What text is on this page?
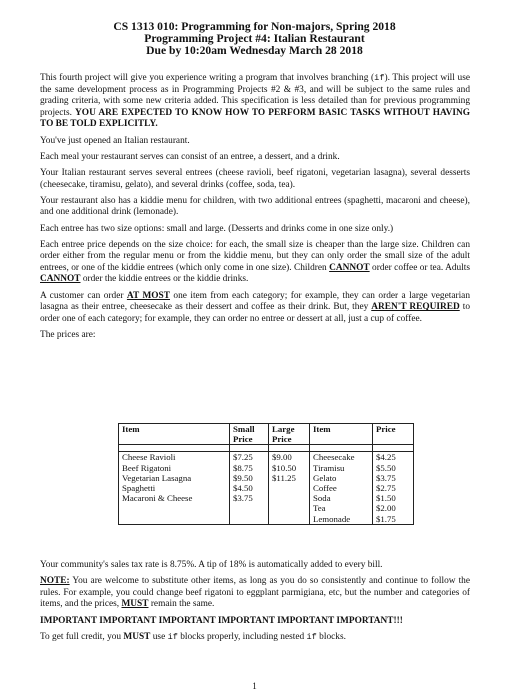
CS 1313 010: Programming for Non-majors, Spring 2018
Programming Project #4: Italian Restaurant
Due by 10:20am Wednesday March 28 2018

This fourth project will give you experience writing a program that involves branching (if). This project will use the same development process as in Programming Projects #2 & #3, and will be subject to the same rules and grading criteria, with some new criteria added. This specification is less detailed than for previous programming projects. YOU ARE EXPECTED TO KNOW HOW TO PERFORM BASIC TASKS WITHOUT HAVING TO BE TOLD EXPLICITLY.

You've just opened an Italian restaurant.

Each meal your restaurant serves can consist of an entree, a dessert, and a drink.

Your Italian restaurant serves several entrees (cheese ravioli, beef rigatoni, vegetarian lasagna), several desserts (cheesecake, tiramisu, gelato), and several drinks (coffee, soda, tea).

Your restaurant also has a kiddie menu for children, with two additional entrees (spaghetti, macaroni and cheese), and one additional drink (lemonade).

Each entree has two size options: small and large. (Desserts and drinks come in one size only.)

Each entree price depends on the size choice: for each, the small size is cheaper than the large size. Children can order either from the regular menu or from the kiddie menu, but they can only order the small size of the adult entrees, or one of the kiddie entrees (which only come in one size). Children CANNOT order coffee or tea. Adults CANNOT order the kiddie entrees or the kiddie drinks.

A customer can order AT MOST one item from each category; for example, they can order a large vegetarian lasagna as their entree, cheesecake as their dessert and coffee as their drink. But, they AREN'T REQUIRED to order one of each category; for example, they can order no entree or dessert at all, just a cup of coffee.

The prices are:

Item	Small	Large	Item	Price
	Price	Price		

Cheese Ravioli	$7.25	$9.00	Cheesecake	$4.25
Beef Rigatoni	$8.75	$10.50	Tiramisu	$5.50
Vegetarian Lasagna	$9.50	$11.25	Gelato	$3.75
Spaghetti	$4.50		Coffee	$2.75
Macaroni & Cheese	$3.75		Soda	$1.50
			Tea	$2.00
			Lemonade	$1.75

Your community's sales tax rate is 8.75%. A tip of 18% is automatically added to every bill.

NOTE: You are welcome to substitute other items, as long as you do so consistently and continue to follow the rules. For example, you could change beef rigatoni to eggplant parmigiana, etc, but the number and categories of items, and the prices, MUST remain the same.

IMPORTANT IMPORTANT IMPORTANT IMPORTANT IMPORTANT IMPORTANT!!!

To get full credit, you MUST use if blocks properly, including nested if blocks.

1
